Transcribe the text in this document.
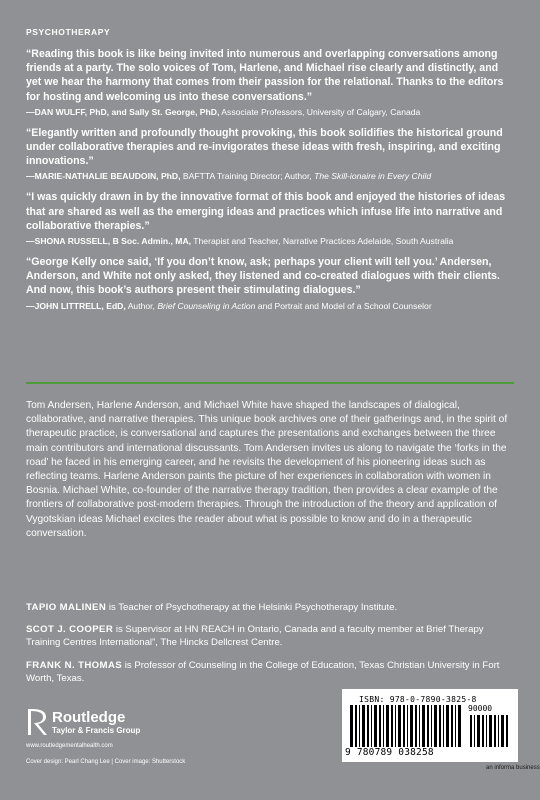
PSYCHOTHERAPY

“Reading this book is like being invited into numerous and overlapping conversations among friends at a party. The solo voices of Tom, Harlene, and Michael rise clearly and distinctly, and yet we hear the harmony that comes from their passion for the relational. Thanks to the editors for hosting and welcoming us into these conversations.”

—DAN WULFF, PhD, and Sally St. George, PhD, Associate Professors, University of Calgary, Canada

“Elegantly written and profoundly thought provoking, this book solidifies the historical ground under collaborative therapies and re-invigorates these ideas with fresh, inspiring, and exciting innovations.”

—MARIE-NATHALIE BEAUDOIN, PhD, BAFTTA Training Director; Author, The Skill-ionaire in Every Child

“I was quickly drawn in by the innovative format of this book and enjoyed the histories of ideas that are shared as well as the emerging ideas and practices which infuse life into narrative and collaborative therapies.”

—SHONA RUSSELL, B Soc. Admin., MA, Therapist and Teacher, Narrative Practices Adelaide, South Australia

“George Kelly once said, ‘If you don’t know, ask; perhaps your client will tell you.’ Andersen, Anderson, and White not only asked, they listened and co-created dialogues with their clients. And now, this book’s authors present their stimulating dialogues.”

—JOHN LITTRELL, EdD, Author, Brief Counseling in Action and Portrait and Model of a School Counselor

Tom Andersen, Harlene Anderson, and Michael White have shaped the landscapes of dialogical, collaborative, and narrative therapies. This unique book archives one of their gatherings and, in the spirit of therapeutic practice, is conversational and captures the presentations and exchanges between the three main contributors and international discussants. Tom Andersen invites us along to navigate the ‘forks in the road’ he faced in his emerging career, and he revisits the development of his pioneering ideas such as reflecting teams. Harlene Anderson paints the picture of her experiences in collaboration with women in Bosnia. Michael White, co-founder of the narrative therapy tradition, then provides a clear example of the frontiers of collaborative post-modern therapies. Through the introduction of the theory and application of Vygotskian ideas Michael excites the reader about what is possible to know and do in a therapeutic conversation.

TAPIO MALINEN is Teacher of Psychotherapy at the Helsinki Psychotherapy Institute.

SCOT J. COOPER is Supervisor at HN REACH in Ontario, Canada and a faculty member at Brief Therapy Training Centres International”, The Hincks Dellcrest Centre.

FRANK N. THOMAS is Professor of Counseling in the College of Education, Texas Christian University in Fort Worth, Texas.

Routledge
Taylor & Francis Group
www.routledgementalhealth.com
Cover design: Pearl Chang Lee | Cover image: Shutterstock
ISBN: 978-0-7890-3825-8
90000
9 780789 038258
an informa business
